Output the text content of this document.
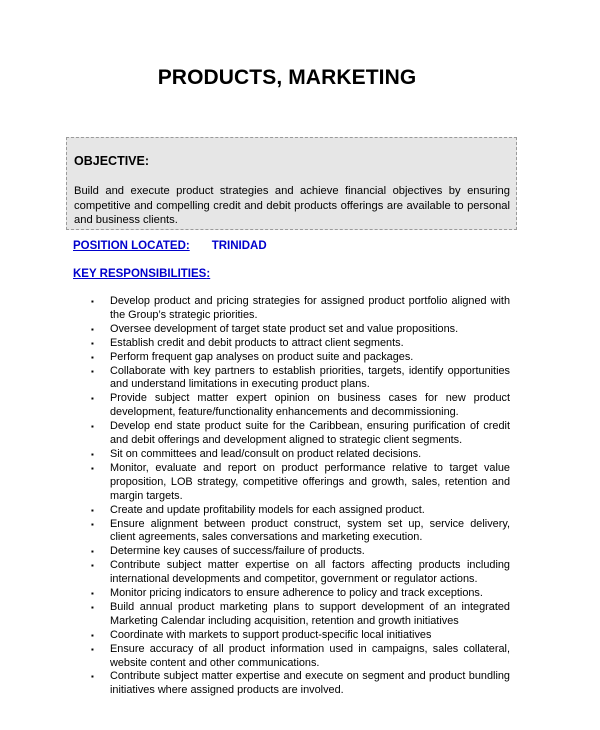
PRODUCTS, MARKETING
OBJECTIVE:
Build and execute product strategies and achieve financial objectives by ensuring competitive and compelling credit and debit products offerings are available to personal and business clients.
POSITION LOCATED: TRINIDAD
KEY RESPONSIBILITIES:
▪ Develop product and pricing strategies for assigned product portfolio aligned with the Group’s strategic priorities.
▪ Oversee development of target state product set and value propositions.
▪ Establish credit and debit products to attract client segments.
▪ Perform frequent gap analyses on product suite and packages.
▪ Collaborate with key partners to establish priorities, targets, identify opportunities and understand limitations in executing product plans.
▪ Provide subject matter expert opinion on business cases for new product development, feature/functionality enhancements and decommissioning.
▪ Develop end state product suite for the Caribbean, ensuring purification of credit and debit offerings and development aligned to strategic client segments.
▪ Sit on committees and lead/consult on product related decisions.
▪ Monitor, evaluate and report on product performance relative to target value proposition, LOB strategy, competitive offerings and growth, sales, retention and margin targets.
▪ Create and update profitability models for each assigned product.
▪ Ensure alignment between product construct, system set up, service delivery, client agreements, sales conversations and marketing execution.
▪ Determine key causes of success/failure of products.
▪ Contribute subject matter expertise on all factors affecting products including international developments and competitor, government or regulator actions.
▪ Monitor pricing indicators to ensure adherence to policy and track exceptions.
▪ Build annual product marketing plans to support development of an integrated Marketing Calendar including acquisition, retention and growth initiatives
▪ Coordinate with markets to support product-specific local initiatives
▪ Ensure accuracy of all product information used in campaigns, sales collateral, website content and other communications.
▪ Contribute subject matter expertise and execute on segment and product bundling initiatives where assigned products are involved.
